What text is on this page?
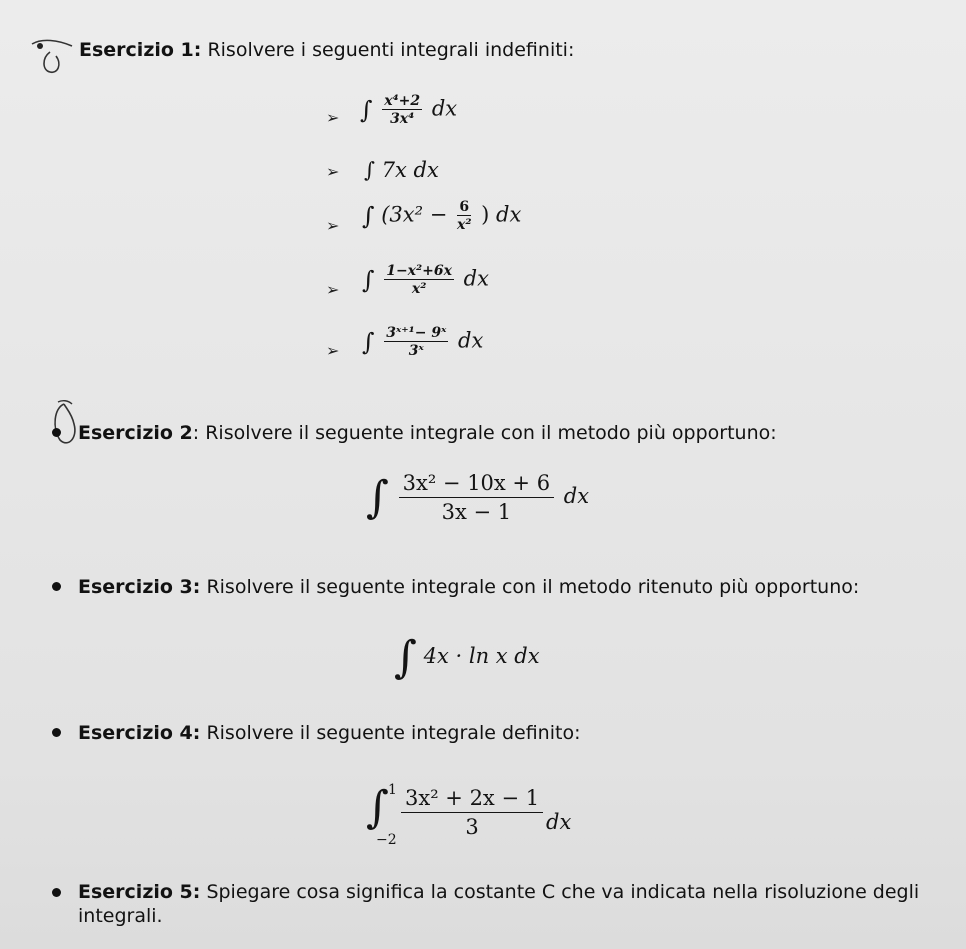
Esercizio 1: Risolvere i seguenti integrali indefiniti:
➢ ∫ $\frac{\text{x⁴+2}}{\text{3x⁴}}$ dx
➢ ∫ 7x dx
➢ ∫ ($3x^2 - \frac{6}{\text{x²}}$ ) dx
➢ ∫ $\frac{\text{1−x²+6x}}{\text{x²}}$ dx
➢ ∫ $\frac{\text{3ˣ⁺¹− 9ˣ}}{\text{3ˣ}}$ dx
Esercizio 2: Risolvere il seguente integrale con il metodo più opportuno:
∫ $\frac{\text{3x² − 10x + 6}}{3x - 1}$ dx
Esercizio 3: Risolvere il seguente integrale con il metodo ritenuto più opportuno:
∫ 4x · ln x dx
Esercizio 4: Risolvere il seguente integrale definito:
∫ 1
−2
$\frac{\text{3x² + 2x − 1}}{3}$ dx
Esercizio 5: Spiegare cosa significa la costante C che va indicata nella risoluzione degli
integrali.
